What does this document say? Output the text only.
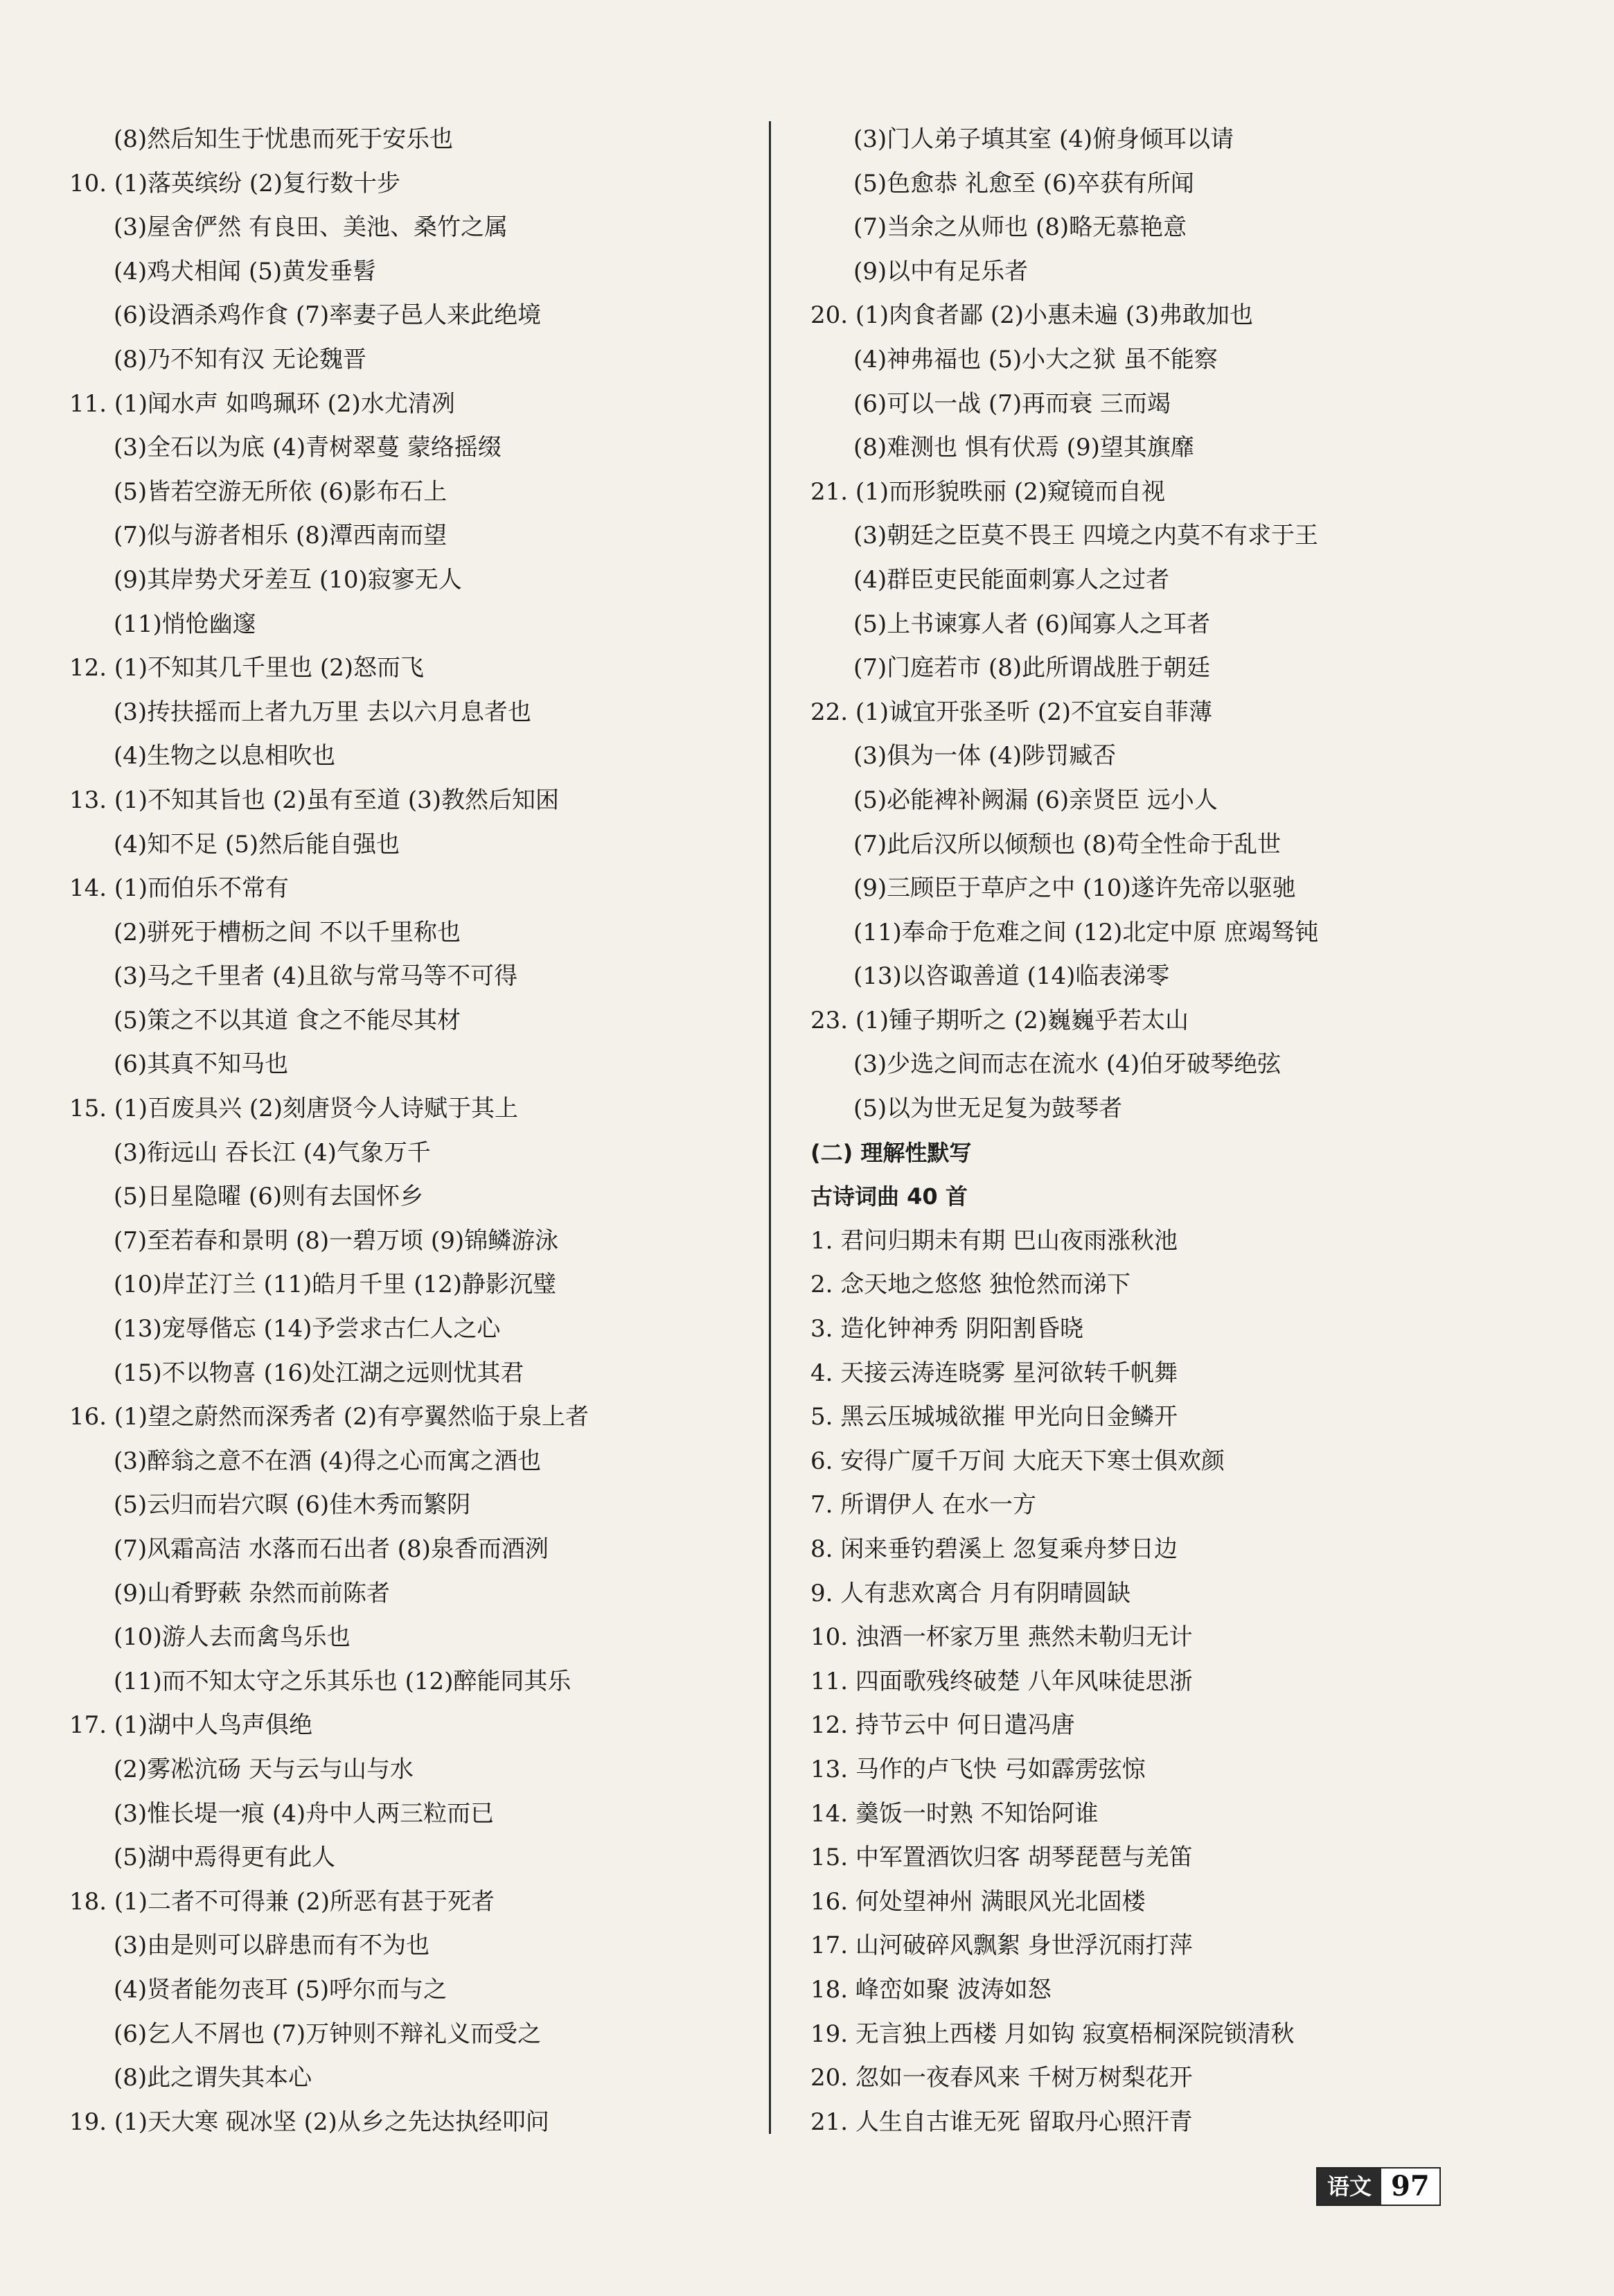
(8)然后知生于忧患而死于安乐也
10. (1)落英缤纷 (2)复行数十步
(3)屋舍俨然 有良田、美池、桑竹之属
(4)鸡犬相闻 (5)黄发垂髫
(6)设酒杀鸡作食 (7)率妻子邑人来此绝境
(8)乃不知有汉 无论魏晋
11. (1)闻水声 如鸣珮环 (2)水尤清冽
(3)全石以为底 (4)青树翠蔓 蒙络摇缀
(5)皆若空游无所依 (6)影布石上
(7)似与游者相乐 (8)潭西南而望
(9)其岸势犬牙差互 (10)寂寥无人
(11)悄怆幽邃
12. (1)不知其几千里也 (2)怒而飞
(3)抟扶摇而上者九万里 去以六月息者也
(4)生物之以息相吹也
13. (1)不知其旨也 (2)虽有至道 (3)教然后知困
(4)知不足 (5)然后能自强也
14. (1)而伯乐不常有
(2)骈死于槽枥之间 不以千里称也
(3)马之千里者 (4)且欲与常马等不可得
(5)策之不以其道 食之不能尽其材
(6)其真不知马也
15. (1)百废具兴 (2)刻唐贤今人诗赋于其上
(3)衔远山 吞长江 (4)气象万千
(5)日星隐曜 (6)则有去国怀乡
(7)至若春和景明 (8)一碧万顷 (9)锦鳞游泳
(10)岸芷汀兰 (11)皓月千里 (12)静影沉璧
(13)宠辱偕忘 (14)予尝求古仁人之心
(15)不以物喜 (16)处江湖之远则忧其君
16. (1)望之蔚然而深秀者 (2)有亭翼然临于泉上者
(3)醉翁之意不在酒 (4)得之心而寓之酒也
(5)云归而岩穴暝 (6)佳木秀而繁阴
(7)风霜高洁 水落而石出者 (8)泉香而酒洌
(9)山肴野蔌 杂然而前陈者
(10)游人去而禽鸟乐也
(11)而不知太守之乐其乐也 (12)醉能同其乐
17. (1)湖中人鸟声俱绝
(2)雾凇沆砀 天与云与山与水
(3)惟长堤一痕 (4)舟中人两三粒而已
(5)湖中焉得更有此人
18. (1)二者不可得兼 (2)所恶有甚于死者
(3)由是则可以辟患而有不为也
(4)贤者能勿丧耳 (5)呼尔而与之
(6)乞人不屑也 (7)万钟则不辩礼义而受之
(8)此之谓失其本心
19. (1)天大寒 砚冰坚 (2)从乡之先达执经叩问
(3)门人弟子填其室 (4)俯身倾耳以请
(5)色愈恭 礼愈至 (6)卒获有所闻
(7)当余之从师也 (8)略无慕艳意
(9)以中有足乐者
20. (1)肉食者鄙 (2)小惠未遍 (3)弗敢加也
(4)神弗福也 (5)小大之狱 虽不能察
(6)可以一战 (7)再而衰 三而竭
(8)难测也 惧有伏焉 (9)望其旗靡
21. (1)而形貌昳丽 (2)窥镜而自视
(3)朝廷之臣莫不畏王 四境之内莫不有求于王
(4)群臣吏民能面刺寡人之过者
(5)上书谏寡人者 (6)闻寡人之耳者
(7)门庭若市 (8)此所谓战胜于朝廷
22. (1)诚宜开张圣听 (2)不宜妄自菲薄
(3)俱为一体 (4)陟罚臧否
(5)必能裨补阙漏 (6)亲贤臣 远小人
(7)此后汉所以倾颓也 (8)苟全性命于乱世
(9)三顾臣于草庐之中 (10)遂许先帝以驱驰
(11)奉命于危难之间 (12)北定中原 庶竭驽钝
(13)以咨诹善道 (14)临表涕零
23. (1)锺子期听之 (2)巍巍乎若太山
(3)少选之间而志在流水 (4)伯牙破琴绝弦
(5)以为世无足复为鼓琴者
(二) 理解性默写
古诗词曲 40 首
1. 君问归期未有期 巴山夜雨涨秋池
2. 念天地之悠悠 独怆然而涕下
3. 造化钟神秀 阴阳割昏晓
4. 天接云涛连晓雾 星河欲转千帆舞
5. 黑云压城城欲摧 甲光向日金鳞开
6. 安得广厦千万间 大庇天下寒士俱欢颜
7. 所谓伊人 在水一方
8. 闲来垂钓碧溪上 忽复乘舟梦日边
9. 人有悲欢离合 月有阴晴圆缺
10. 浊酒一杯家万里 燕然未勒归无计
11. 四面歌残终破楚 八年风味徒思浙
12. 持节云中 何日遣冯唐
13. 马作的卢飞快 弓如霹雳弦惊
14. 羹饭一时熟 不知饴阿谁
15. 中军置酒饮归客 胡琴琵琶与羌笛
16. 何处望神州 满眼风光北固楼
17. 山河破碎风飘絮 身世浮沉雨打萍
18. 峰峦如聚 波涛如怒
19. 无言独上西楼 月如钩 寂寞梧桐深院锁清秋
20. 忽如一夜春风来 千树万树梨花开
21. 人生自古谁无死 留取丹心照汗青
语文 97
